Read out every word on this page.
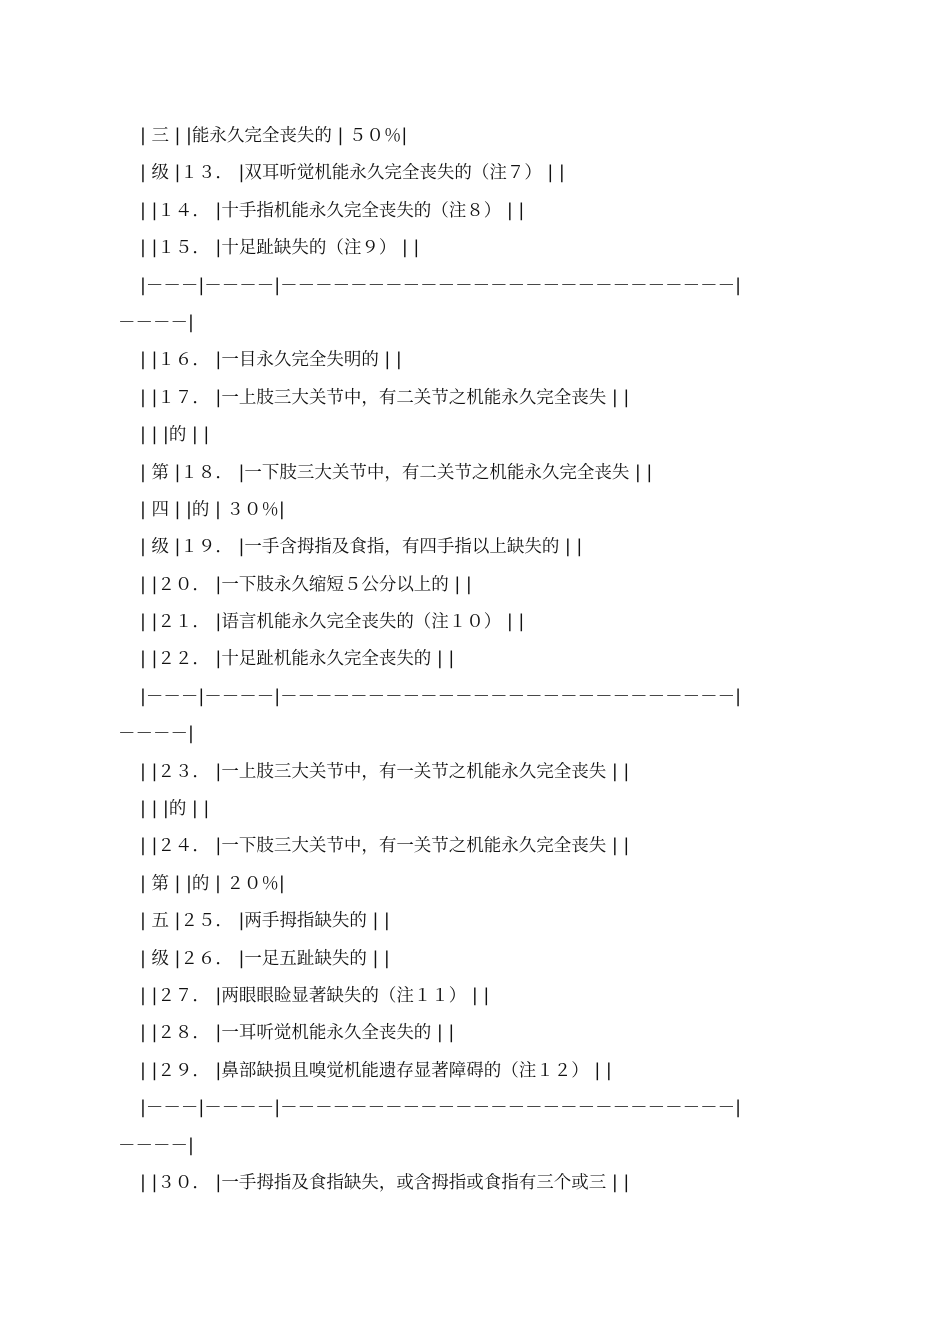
| 三 | |能永久完全丧失的 | ５０％|
| 级 |１３． |双耳听觉机能永久完全丧失的（注７） | |
| |１４． |十手指机能永久完全丧失的（注８） | |
| |１５． |十足趾缺失的（注９） | |
|－－－|－－－－|－－－－－－－－－－－－－－－－－－－－－－－－－－|
－－－－|
| |１６． |一目永久完全失明的 | |
| |１７． |一上肢三大关节中，有二关节之机能永久完全丧失 | |
| | |的 | |
| 第 |１８． |一下肢三大关节中，有二关节之机能永久完全丧失 | |
| 四 | |的 | ３０％|
| 级 |１９． |一手含拇指及食指，有四手指以上缺失的 | |
| |２０． |一下肢永久缩短５公分以上的 | |
| |２１． |语言机能永久完全丧失的（注１０） | |
| |２２． |十足趾机能永久完全丧失的 | |
|－－－|－－－－|－－－－－－－－－－－－－－－－－－－－－－－－－－|
－－－－|
| |２３． |一上肢三大关节中，有一关节之机能永久完全丧失 | |
| | |的 | |
| |２４． |一下肢三大关节中，有一关节之机能永久完全丧失 | |
| 第 | |的 | ２０％|
| 五 |２５． |两手拇指缺失的 | |
| 级 |２６． |一足五趾缺失的 | |
| |２７． |两眼眼睑显著缺失的（注１１） | |
| |２８． |一耳听觉机能永久全丧失的 | |
| |２９． |鼻部缺损且嗅觉机能遗存显著障碍的（注１２） | |
|－－－|－－－－|－－－－－－－－－－－－－－－－－－－－－－－－－－|
－－－－|
| |３０． |一手拇指及食指缺失，或含拇指或食指有三个或三 | |
